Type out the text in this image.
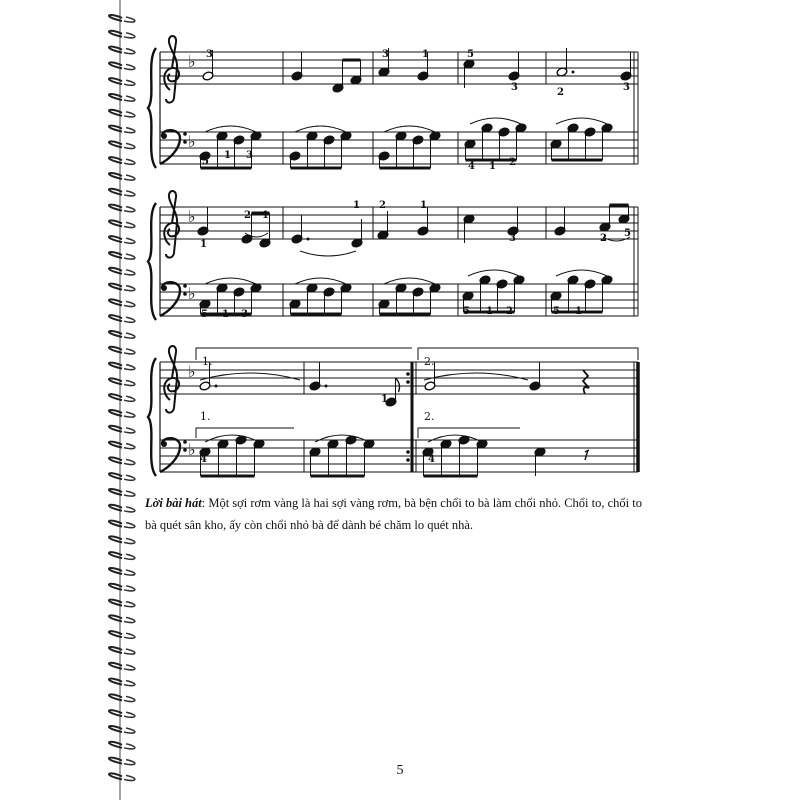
♭
♭
♭
♭
♭
♭
1.	2.
1.	2.
3	3	1	5
3	2	3
5
1 3
4 1 2
1
2 1
1 2	1
3	2 5
5 1 3	5 1 2	5 1
1
4	4
Lời bài hát: Một sợi rơm vàng là hai sợi vàng rơm, bà bện chổi to bà làm chổi nhỏ. Chổi to, chổi to bà quét sân kho, ấy còn chổi nhỏ bà để dành bé chăm lo quét nhà.
5
